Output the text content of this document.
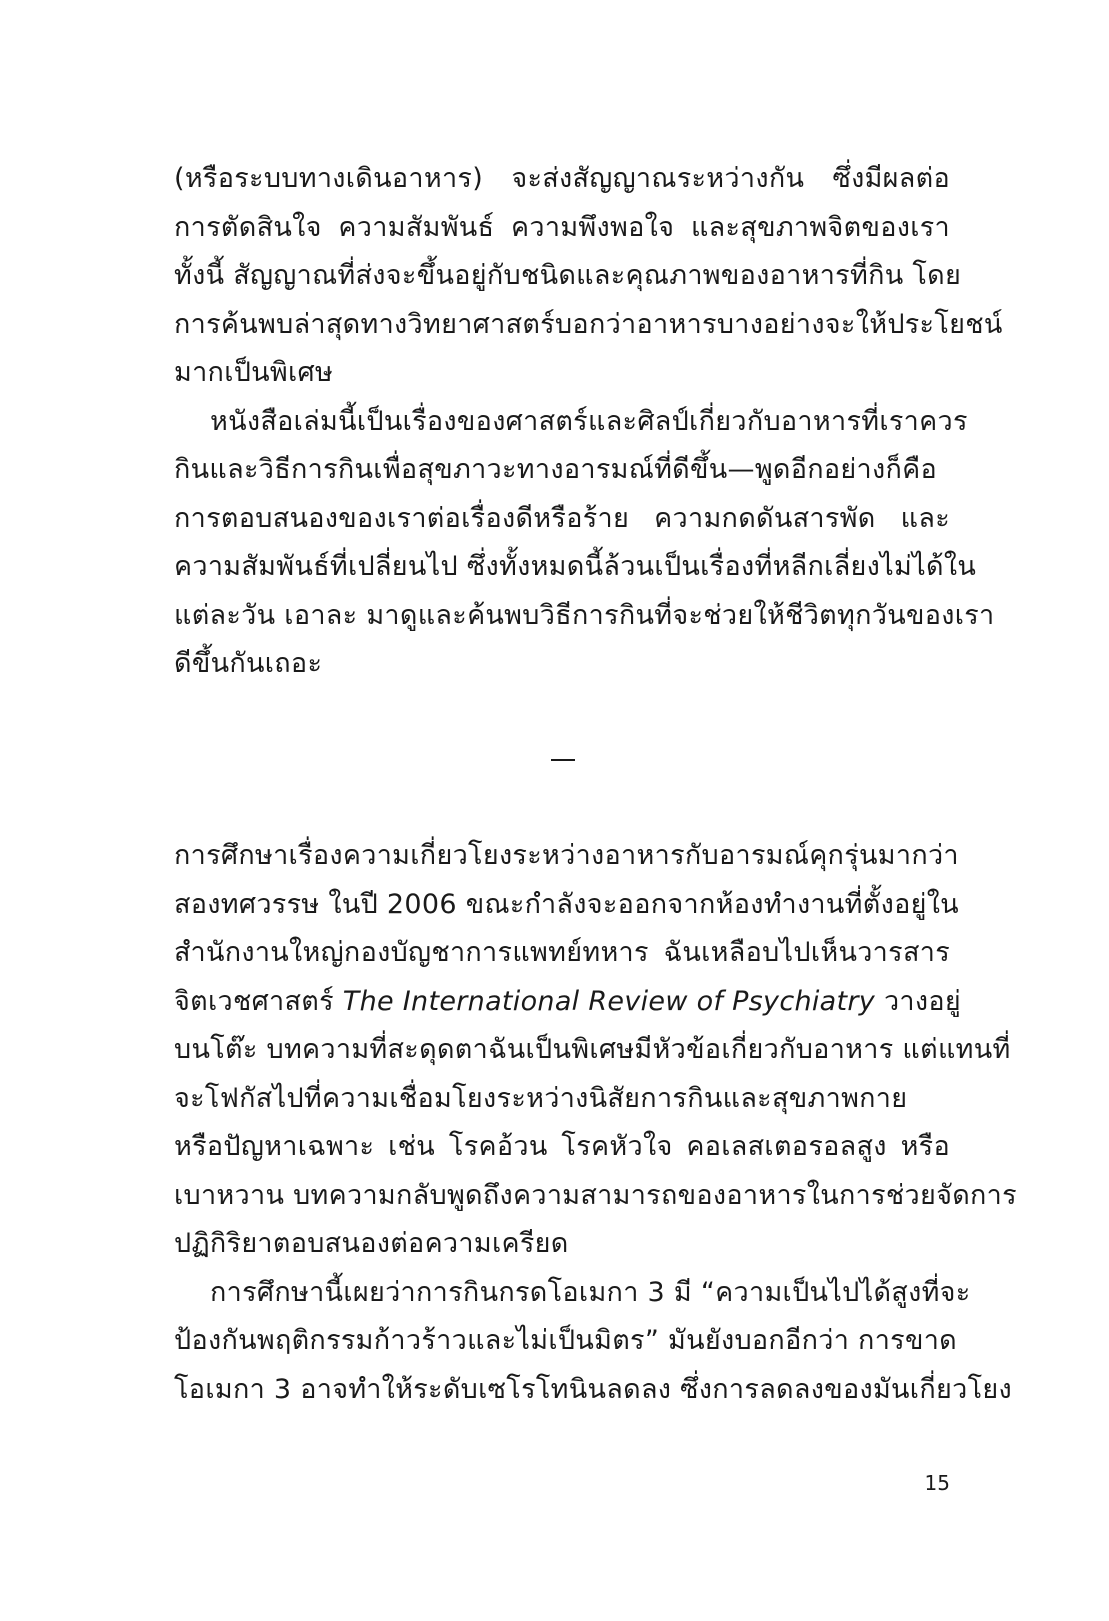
(หรือระบบทางเดินอาหาร) จะส่งสัญญาณระหว่างกัน ซึ่งมีผลต่อ
การตัดสินใจ ความสัมพันธ์ ความพึงพอใจ และสุขภาพจิตของเรา
ทั้งนี้ สัญญาณที่ส่งจะขึ้นอยู่กับชนิดและคุณภาพของอาหารที่กิน โดย
การค้นพบล่าสุดทางวิทยาศาสตร์บอกว่าอาหารบางอย่างจะให้ประโยชน์
มากเป็นพิเศษ
หนังสือเล่มนี้เป็นเรื่องของศาสตร์และศิลป์เกี่ยวกับอาหารที่เราควร
กินและวิธีการกินเพื่อสุขภาวะทางอารมณ์ที่ดีขึ้น—พูดอีกอย่างก็คือ
การตอบสนองของเราต่อเรื่องดีหรือร้าย ความกดดันสารพัด และ
ความสัมพันธ์ที่เปลี่ยนไป ซึ่งทั้งหมดนี้ล้วนเป็นเรื่องที่หลีกเลี่ยงไม่ได้ใน
แต่ละวัน เอาละ มาดูและค้นพบวิธีการกินที่จะช่วยให้ชีวิตทุกวันของเรา
ดีขึ้นกันเถอะ
การศึกษาเรื่องความเกี่ยวโยงระหว่างอาหารกับอารมณ์คุกรุ่นมากว่า
สองทศวรรษ ในปี 2006 ขณะกำลังจะออกจากห้องทำงานที่ตั้งอยู่ใน
สำนักงานใหญ่กองบัญชาการแพทย์ทหาร ฉันเหลือบไปเห็นวารสาร
จิตเวชศาสตร์ The International Review of Psychiatry วางอยู่
บนโต๊ะ บทความที่สะดุดตาฉันเป็นพิเศษมีหัวข้อเกี่ยวกับอาหาร แต่แทนที่
จะโฟกัสไปที่ความเชื่อมโยงระหว่างนิสัยการกินและสุขภาพกาย
หรือปัญหาเฉพาะ เช่น โรคอ้วน โรคหัวใจ คอเลสเตอรอลสูง หรือ
เบาหวาน บทความกลับพูดถึงความสามารถของอาหารในการช่วยจัดการ
ปฏิกิริยาตอบสนองต่อความเครียด
การศึกษานี้เผยว่าการกินกรดโอเมกา 3 มี “ความเป็นไปได้สูงที่จะ
ป้องกันพฤติกรรมก้าวร้าวและไม่เป็นมิตร” มันยังบอกอีกว่า การขาด
โอเมกา 3 อาจทำให้ระดับเซโรโทนินลดลง ซึ่งการลดลงของมันเกี่ยวโยง
15
